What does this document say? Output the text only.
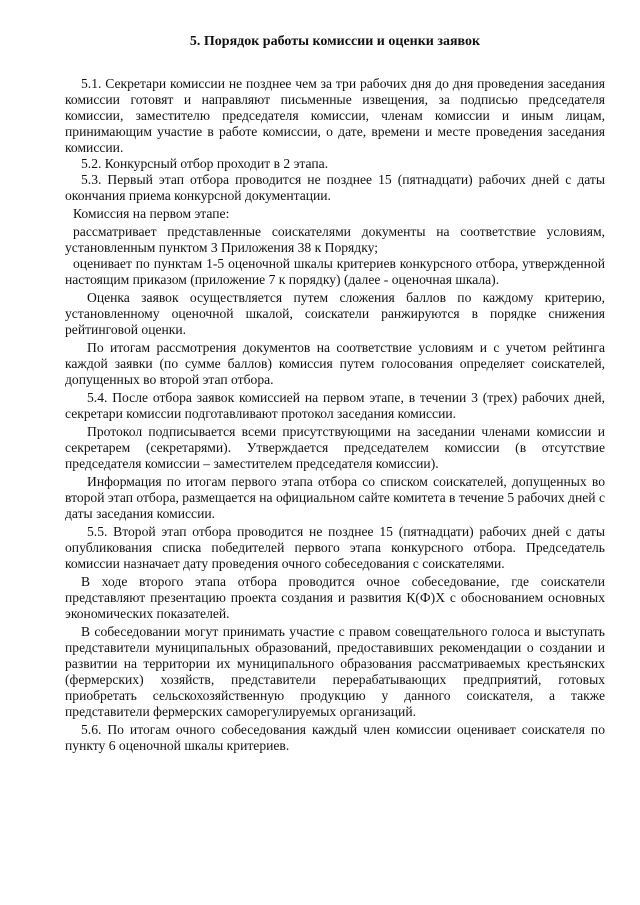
5. Порядок работы комиссии и оценки заявок

5.1. Секретари комиссии не позднее чем за три рабочих дня до дня проведения заседания комиссии готовят и направляют письменные извещения, за подписью председателя комиссии, заместителю председателя комиссии, членам комиссии и иным лицам, принимающим участие в работе комиссии, о дате, времени и месте проведения заседания комиссии.

5.2. Конкурсный отбор проходит в 2 этапа.

5.3. Первый этап отбора проводится не позднее 15 (пятнадцати) рабочих дней с даты окончания приема конкурсной документации.

Комиссия на первом этапе:

рассматривает представленные соискателями документы на соответствие условиям, установленным пунктом 3 Приложения 38 к Порядку;

оценивает по пунктам 1-5 оценочной шкалы критериев конкурсного отбора, утвержденной настоящим приказом (приложение 7 к порядку) (далее - оценочная шкала).

Оценка заявок осуществляется путем сложения баллов по каждому критерию, установленному оценочной шкалой, соискатели ранжируются в порядке снижения рейтинговой оценки.

По итогам рассмотрения документов на соответствие условиям и с учетом рейтинга каждой заявки (по сумме баллов) комиссия путем голосования определяет соискателей, допущенных во второй этап отбора.

5.4. После отбора заявок комиссией на первом этапе, в течении 3 (трех) рабочих дней, секретари комиссии подготавливают протокол заседания комиссии.

Протокол подписывается всеми присутствующими на заседании членами комиссии и секретарем (секретарями). Утверждается председателем комиссии (в отсутствие председателя комиссии – заместителем председателя комиссии).

Информация по итогам первого этапа отбора со списком соискателей, допущенных во второй этап отбора, размещается на официальном сайте комитета в течение 5 рабочих дней с даты заседания комиссии.

5.5. Второй этап отбора проводится не позднее 15 (пятнадцати) рабочих дней с даты опубликования списка победителей первого этапа конкурсного отбора. Председатель комиссии назначает дату проведения очного собеседования с соискателями.

В ходе второго этапа отбора проводится очное собеседование, где соискатели представляют презентацию проекта создания и развития К(Ф)Х с обоснованием основных экономических показателей.

В собеседовании могут принимать участие с правом совещательного голоса и выступать представители муниципальных образований, предоставивших рекомендации о создании и развитии на территории их муниципального образования рассматриваемых крестьянских (фермерских) хозяйств, представители перерабатывающих предприятий, готовых приобретать сельскохозяйственную продукцию у данного соискателя, а также представители фермерских саморегулируемых организаций.

5.6. По итогам очного собеседования каждый член комиссии оценивает соискателя по пункту 6 оценочной шкалы критериев.
